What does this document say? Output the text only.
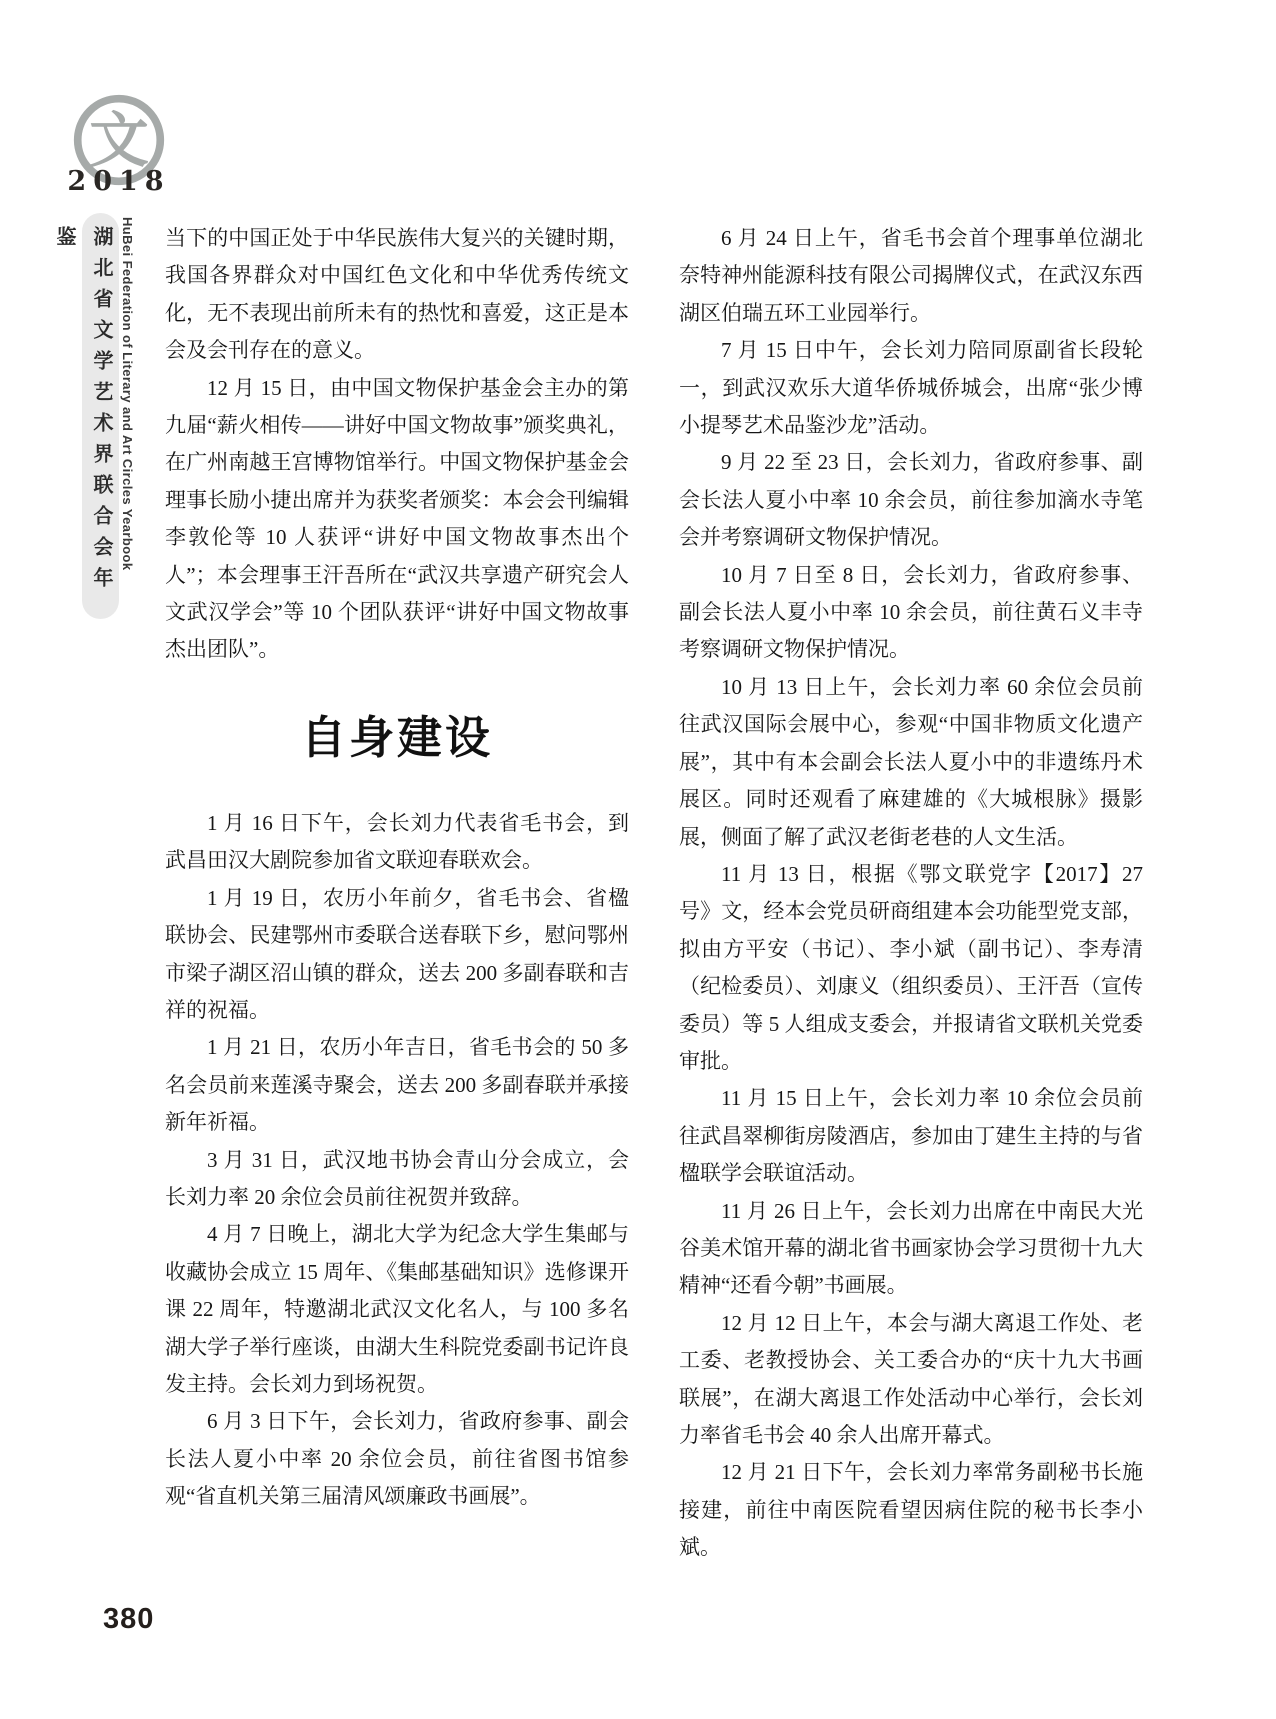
文
2018
湖北省文学艺术界联合会年鉴	HuBei Federation of Literary and Art Circles Yearbook 当下的中国正处于中华民族伟大复兴的关键时期，我国各界群众对中国红色文化和中华优秀传统文化，无不表现出前所未有的热忱和喜爱，这正是本会及会刊存在的意义。

12 月 15 日，由中国文物保护基金会主办的第九届“薪火相传——讲好中国文物故事”颁奖典礼，在广州南越王宫博物馆举行。中国文物保护基金会理事长励小捷出席并为获奖者颁奖：本会会刊编辑李敦伦等 10 人获评“讲好中国文物故事杰出个人”；本会理事王汗吾所在“武汉共享遗产研究会人文武汉学会”等 10 个团队获评“讲好中国文物故事杰出团队”。

自身建设

1 月 16 日下午，会长刘力代表省毛书会，到武昌田汉大剧院参加省文联迎春联欢会。

1 月 19 日，农历小年前夕，省毛书会、省楹联协会、民建鄂州市委联合送春联下乡，慰问鄂州市梁子湖区沼山镇的群众，送去 200 多副春联和吉祥的祝福。

1 月 21 日，农历小年吉日，省毛书会的 50 多名会员前来莲溪寺聚会，送去 200 多副春联并承接新年祈福。

3 月 31 日，武汉地书协会青山分会成立，会长刘力率 20 余位会员前往祝贺并致辞。

4 月 7 日晚上，湖北大学为纪念大学生集邮与收藏协会成立 15 周年、《集邮基础知识》选修课开课 22 周年，特邀湖北武汉文化名人，与 100 多名湖大学子举行座谈，由湖大生科院党委副书记许良发主持。会长刘力到场祝贺。

6 月 3 日下午，会长刘力，省政府参事、副会长法人夏小中率 20 余位会员，前往省图书馆参观“省直机关第三届清风颂廉政书画展”。

6 月 24 日上午，省毛书会首个理事单位湖北奈特神州能源科技有限公司揭牌仪式，在武汉东西湖区伯瑞五环工业园举行。

7 月 15 日中午，会长刘力陪同原副省长段轮一，到武汉欢乐大道华侨城侨城会，出席“张少博小提琴艺术品鉴沙龙”活动。

9 月 22 至 23 日，会长刘力，省政府参事、副会长法人夏小中率 10 余会员，前往参加滴水寺笔会并考察调研文物保护情况。

10 月 7 日至 8 日，会长刘力，省政府参事、副会长法人夏小中率 10 余会员，前往黄石义丰寺考察调研文物保护情况。

10 月 13 日上午，会长刘力率 60 余位会员前往武汉国际会展中心，参观“中国非物质文化遗产展”，其中有本会副会长法人夏小中的非遗练丹术展区。同时还观看了麻建雄的《大城根脉》摄影展，侧面了解了武汉老街老巷的人文生活。

11 月 13 日，根据《鄂文联党字【2017】27 号》文，经本会党员研商组建本会功能型党支部，拟由方平安（书记）、李小斌（副书记）、李寿清（纪检委员）、刘康义（组织委员）、王汗吾（宣传委员）等 5 人组成支委会，并报请省文联机关党委审批。

11 月 15 日上午，会长刘力率 10 余位会员前往武昌翠柳街房陵酒店，参加由丁建生主持的与省楹联学会联谊活动。

11 月 26 日上午，会长刘力出席在中南民大光谷美术馆开幕的湖北省书画家协会学习贯彻十九大精神“还看今朝”书画展。

12 月 12 日上午，本会与湖大离退工作处、老工委、老教授协会、关工委合办的“庆十九大书画联展”，在湖大离退工作处活动中心举行，会长刘力率省毛书会 40 余人出席开幕式。

12 月 21 日下午，会长刘力率常务副秘书长施接建，前往中南医院看望因病住院的秘书长李小斌。

380
